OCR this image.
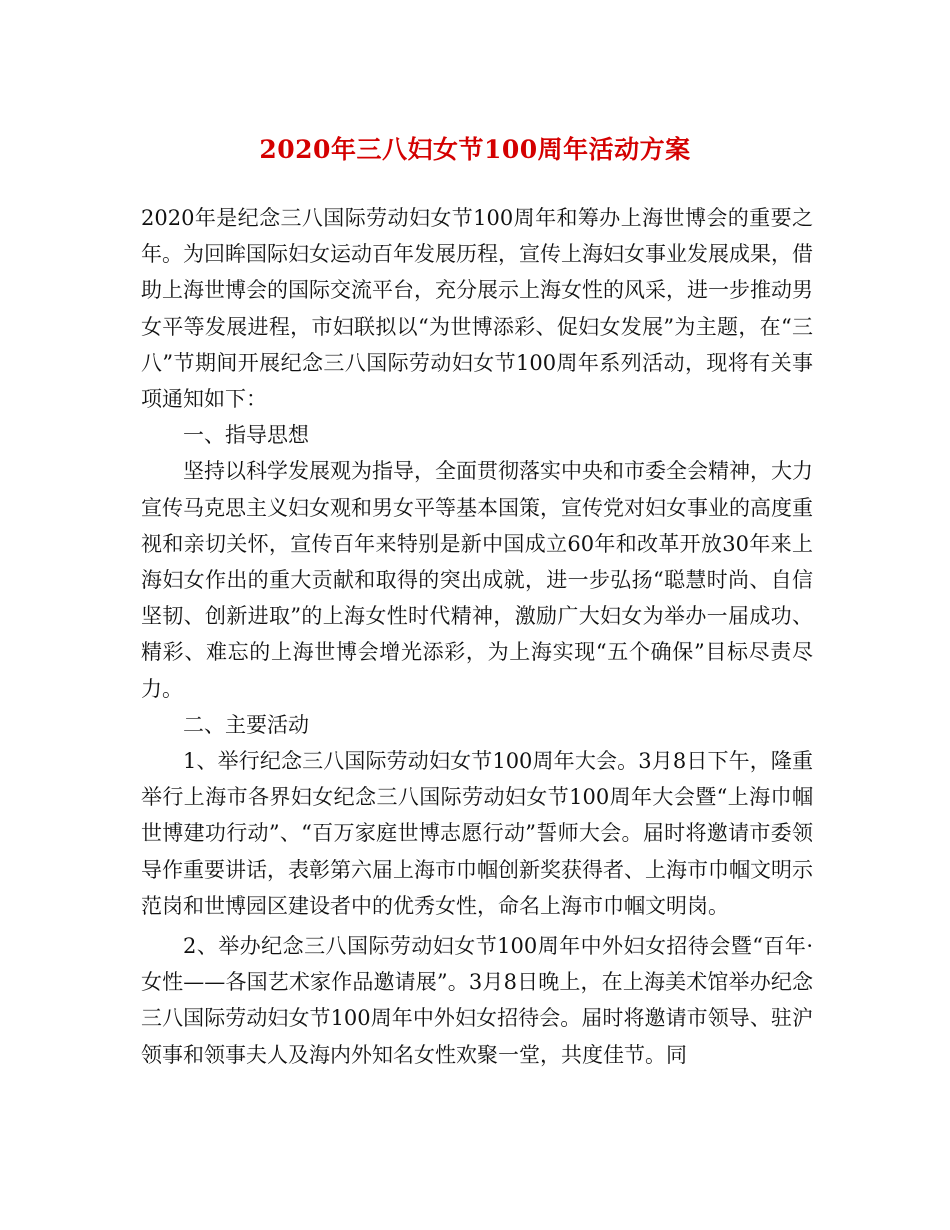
2020年三八妇女节100周年活动方案

2020年是纪念三八国际劳动妇女节100周年和筹办上海世博会的重要之年。为回眸国际妇女运动百年发展历程，宣传上海妇女事业发展成果，借助上海世博会的国际交流平台，充分展示上海女性的风采，进一步推动男女平等发展进程，市妇联拟以“为世博添彩、促妇女发展”为主题，在“三八”节期间开展纪念三八国际劳动妇女节100周年系列活动，现将有关事项通知如下：

一、指导思想

坚持以科学发展观为指导，全面贯彻落实中央和市委全会精神，大力宣传马克思主义妇女观和男女平等基本国策，宣传党对妇女事业的高度重视和亲切关怀，宣传百年来特别是新中国成立60年和改革开放30年来上海妇女作出的重大贡献和取得的突出成就，进一步弘扬“聪慧时尚、自信坚韧、创新进取”的上海女性时代精神，激励广大妇女为举办一届成功、精彩、难忘的上海世博会增光添彩，为上海实现“五个确保”目标尽责尽力。

二、主要活动

1、举行纪念三八国际劳动妇女节100周年大会。3月8日下午，隆重举行上海市各界妇女纪念三八国际劳动妇女节100周年大会暨“上海巾帼世博建功行动”、“百万家庭世博志愿行动”誓师大会。届时将邀请市委领导作重要讲话，表彰第六届上海市巾帼创新奖获得者、上海市巾帼文明示范岗和世博园区建设者中的优秀女性，命名上海市巾帼文明岗。

2、举办纪念三八国际劳动妇女节100周年中外妇女招待会暨“百年·女性——各国艺术家作品邀请展”。3月8日晚上，在上海美术馆举办纪念三八国际劳动妇女节100周年中外妇女招待会。届时将邀请市领导、驻沪领事和领事夫人及海内外知名女性欢聚一堂，共度佳节。同
